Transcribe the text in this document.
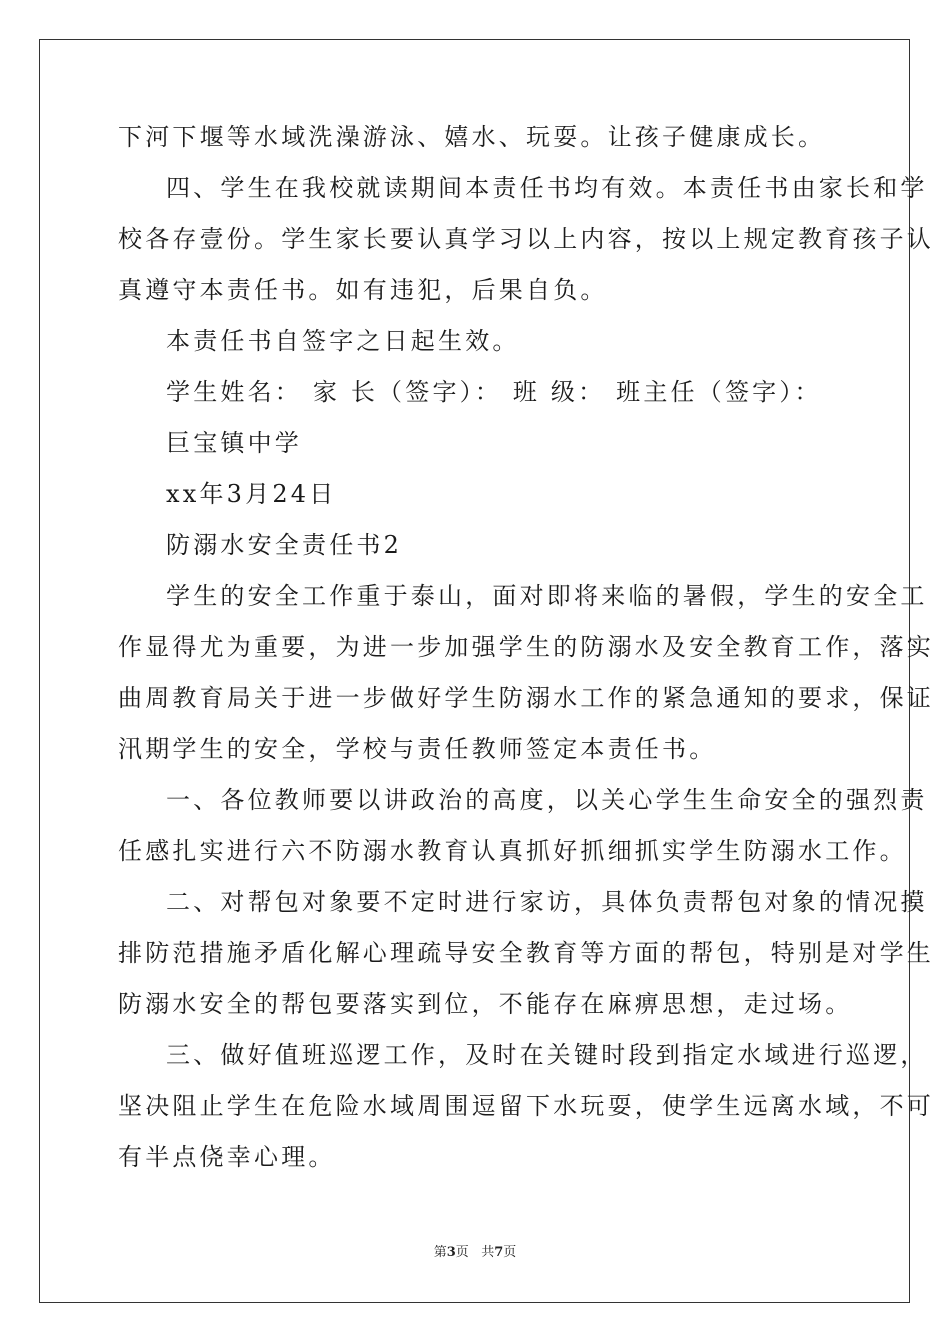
下河下堰等水域洗澡游泳、嬉水、玩耍。让孩子健康成长。
四、学生在我校就读期间本责任书均有效。本责任书由家长和学
校各存壹份。学生家长要认真学习以上内容，按以上规定教育孩子认
真遵守本责任书。如有违犯，后果自负。
本责任书自签字之日起生效。
学生姓名： 家 长（签字）： 班 级： 班主任（签字）：
巨宝镇中学
xx年3月24日
防溺水安全责任书2
学生的安全工作重于泰山，面对即将来临的暑假，学生的安全工
作显得尤为重要，为进一步加强学生的防溺水及安全教育工作，落实
曲周教育局关于进一步做好学生防溺水工作的紧急通知的要求，保证
汛期学生的安全，学校与责任教师签定本责任书。
一、各位教师要以讲政治的高度，以关心学生生命安全的强烈责
任感扎实进行六不防溺水教育认真抓好抓细抓实学生防溺水工作。
二、对帮包对象要不定时进行家访，具体负责帮包对象的情况摸
排防范措施矛盾化解心理疏导安全教育等方面的帮包，特别是对学生
防溺水安全的帮包要落实到位，不能存在麻痹思想，走过场。
三、做好值班巡逻工作，及时在关键时段到指定水域进行巡逻，
坚决阻止学生在危险水域周围逗留下水玩耍，使学生远离水域，不可
有半点侥幸心理。
第3页   共7页
